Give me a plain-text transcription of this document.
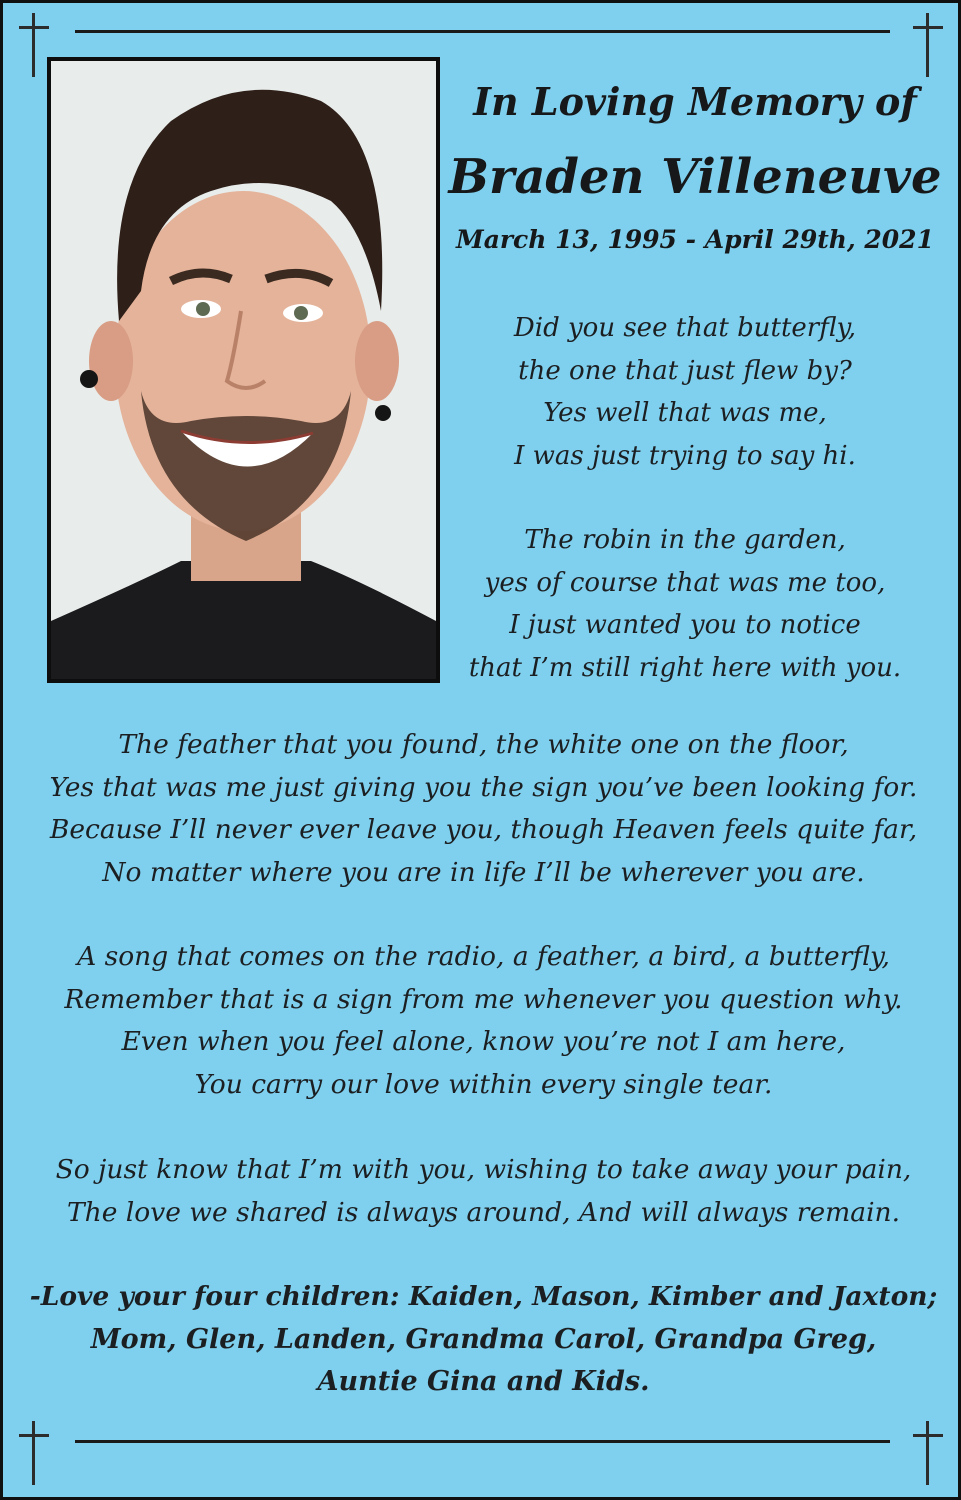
In Loving Memory of

Braden Villeneuve

March 13, 1995 - April 29th, 2021

Did you see that butterfly,
the one that just flew by?
Yes well that was me,
I was just trying to say hi.
The robin in the garden,
yes of course that was me too,
I just wanted you to notice
that I’m still right here with you.
The feather that you found, the white one on the floor,
Yes that was me just giving you the sign you’ve been looking for.
Because I’ll never ever leave you, though Heaven feels quite far,
No matter where you are in life I’ll be wherever you are.
A song that comes on the radio, a feather, a bird, a butterfly,
Remember that is a sign from me whenever you question why.
Even when you feel alone, know you’re not I am here,
You carry our love within every single tear.
So just know that I’m with you, wishing to take away your pain,
The love we shared is always around, And will always remain.
-Love your four children: Kaiden, Mason, Kimber and Jaxton;
Mom, Glen, Landen, Grandma Carol, Grandpa Greg,
Auntie Gina and Kids.
